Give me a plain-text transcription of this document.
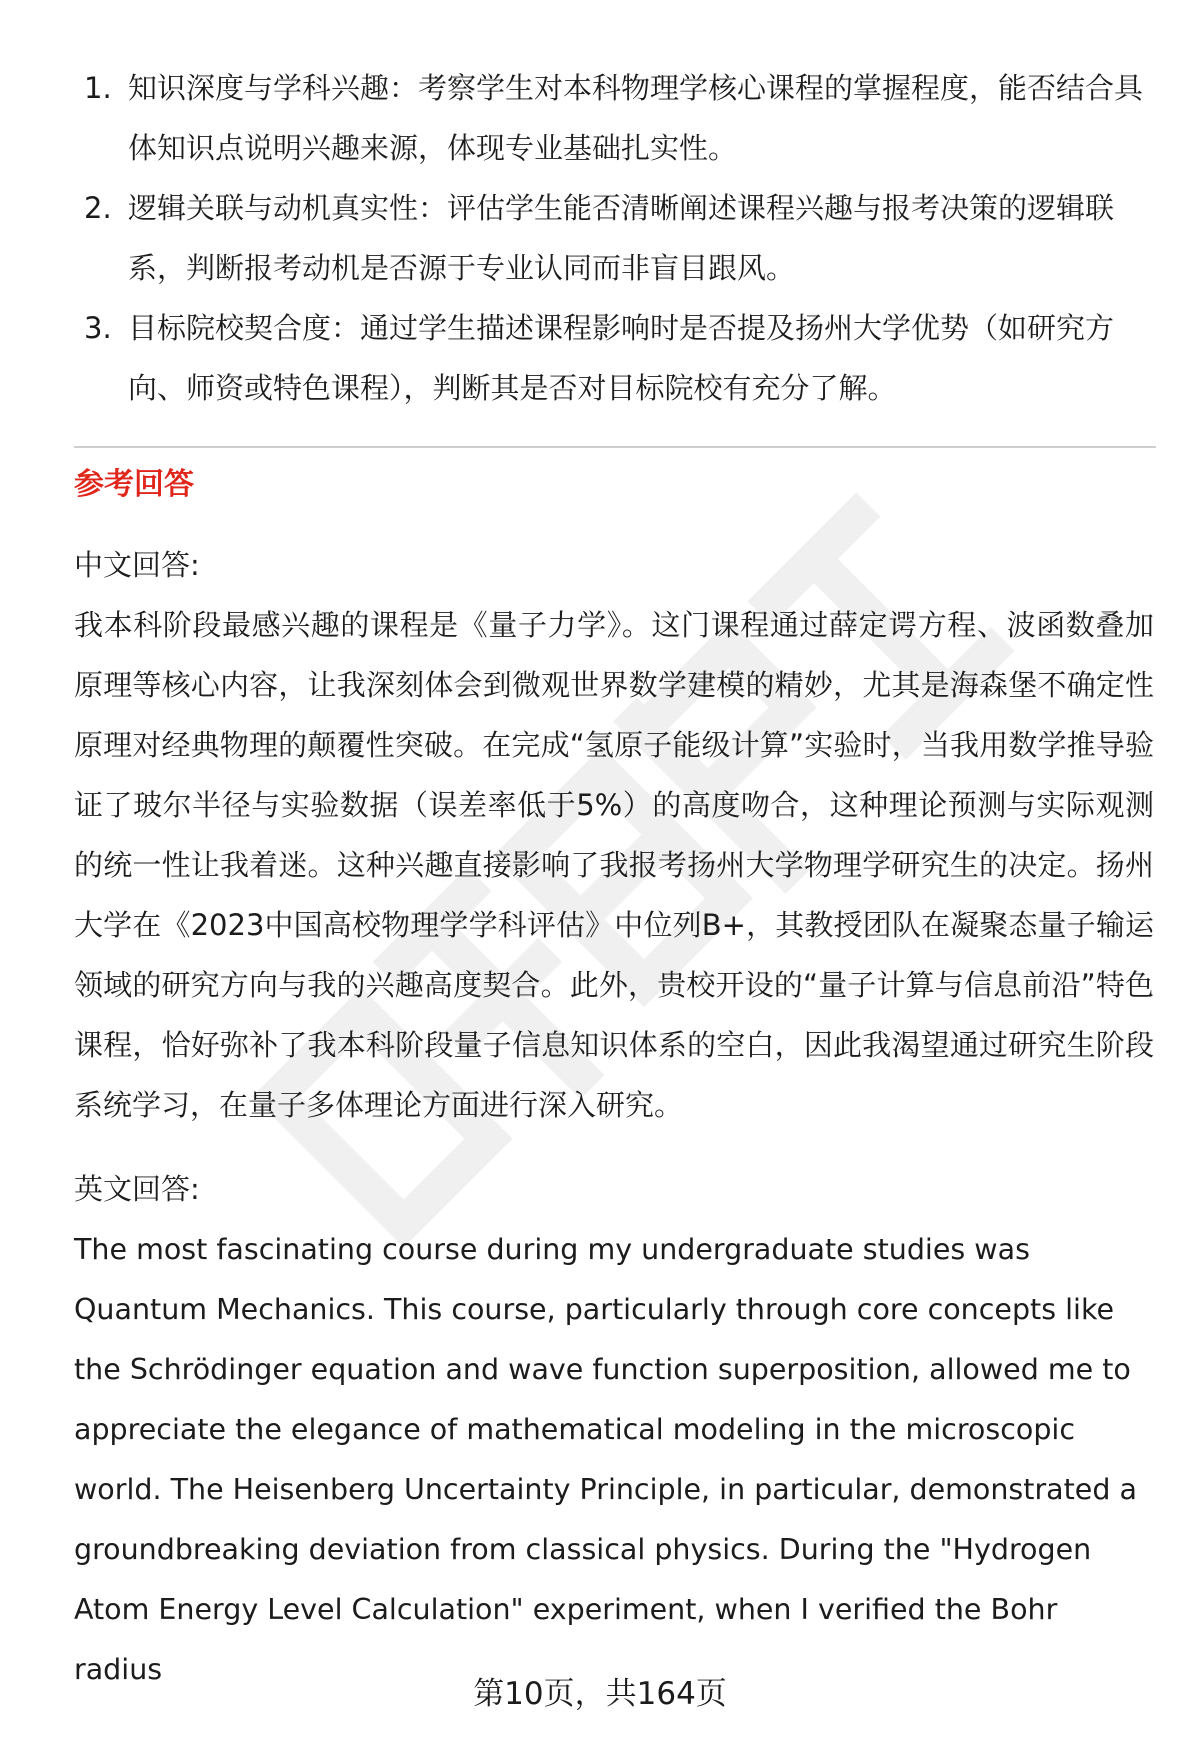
1. 知识深度与学科兴趣：考察学生对本科物理学核心课程的掌握程度，能否结合具体知识点说明兴趣来源，体现专业基础扎实性。
2. 逻辑关联与动机真实性：评估学生能否清晰阐述课程兴趣与报考决策的逻辑联系，判断报考动机是否源于专业认同而非盲目跟风。
3. 目标院校契合度：通过学生描述课程影响时是否提及扬州大学优势（如研究方向、师资或特色课程），判断其是否对目标院校有充分了解。
参考回答

中文回答:

我本科阶段最感兴趣的课程是《量子力学》。这门课程通过薛定谔方程、波函数叠加原理等核心内容，让我深刻体会到微观世界数学建模的精妙，尤其是海森堡不确定性原理对经典物理的颠覆性突破。在完成“氢原子能级计算”实验时，当我用数学推导验证了玻尔半径与实验数据（误差率低于5%）的高度吻合，这种理论预测与实际观测的统一性让我着迷。这种兴趣直接影响了我报考扬州大学物理学研究生的决定。扬州大学在《2023中国高校物理学学科评估》中位列B+，其教授团队在凝聚态量子输运领域的研究方向与我的兴趣高度契合。此外，贵校开设的“量子计算与信息前沿”特色课程，恰好弥补了我本科阶段量子信息知识体系的空白，因此我渴望通过研究生阶段系统学习，在量子多体理论方面进行深入研究。

英文回答:

The most fascinating course during my undergraduate studies was Quantum Mechanics. This course, particularly through core concepts like the Schrödinger equation and wave function superposition, allowed me to appreciate the elegance of mathematical modeling in the microscopic world. The Heisenberg Uncertainty Principle, in particular, demonstrated a groundbreaking deviation from classical physics. During the "Hydrogen Atom Energy Level Calculation" experiment, when I verified the Bohr radius

第10页，共164页
